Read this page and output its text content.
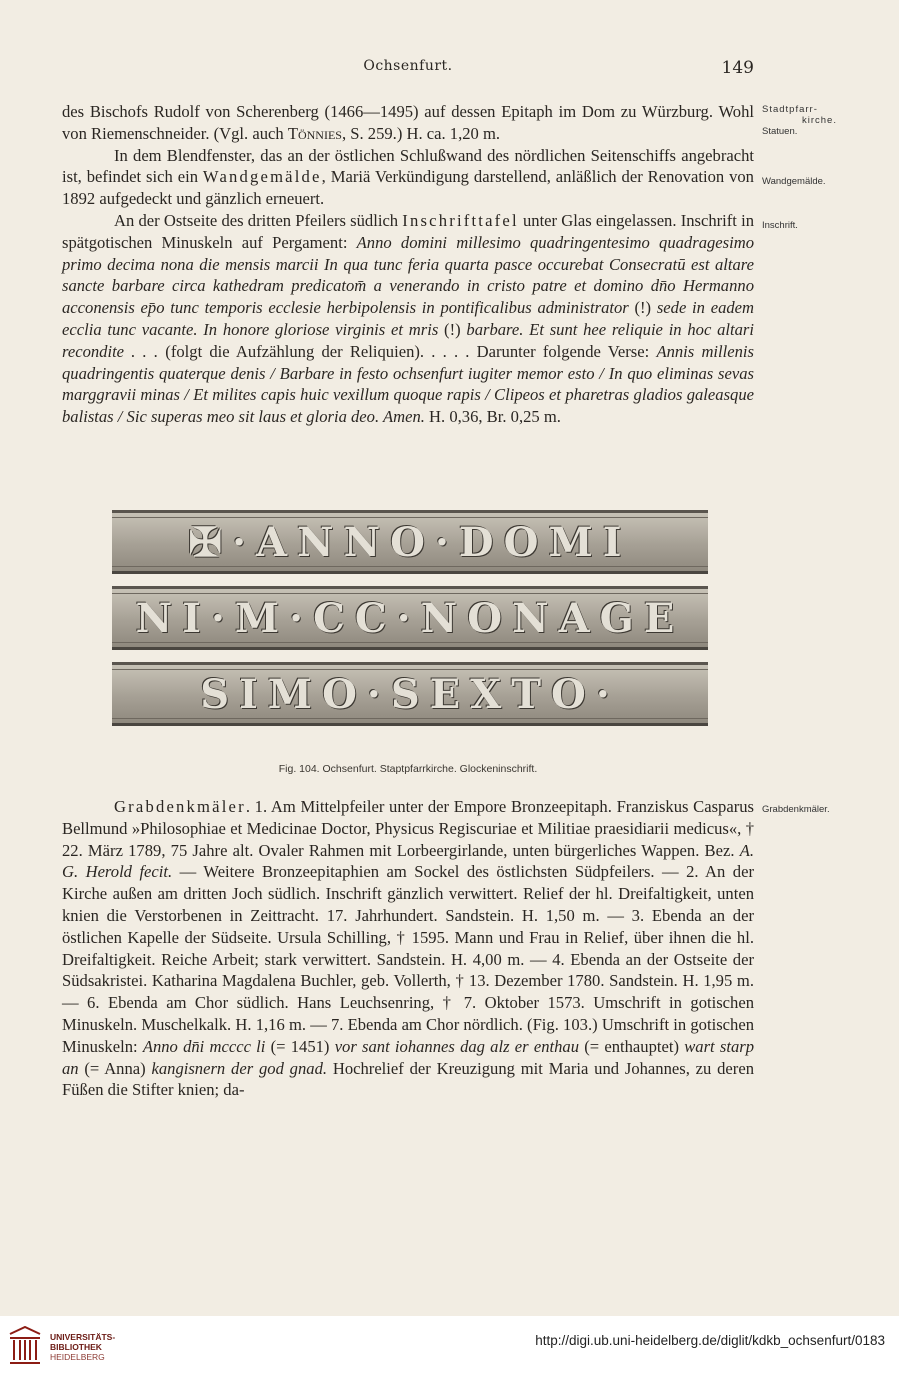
Ochsenfurt.	149
Stadtpfarr-
kirche.
Statuen.
Wandgemälde.
Inschrift.
Grabdenkmäler.

des Bischofs Rudolf von Scherenberg (1466—1495) auf dessen Epitaph im Dom zu Würzburg. Wohl von Riemenschneider. (Vgl. auch Tönnies, S. 259.) H. ca. 1,20 m.

In dem Blendfenster, das an der östlichen Schlußwand des nördlichen Seitenschiffs angebracht ist, befindet sich ein Wandgemälde, Mariä Verkündigung darstellend, anläßlich der Renovation von 1892 aufgedeckt und gänzlich erneuert.

An der Ostseite des dritten Pfeilers südlich Inschrifttafel unter Glas eingelassen. Inschrift in spätgotischen Minuskeln auf Pergament: Anno domini millesimo quadringentesimo quadragesimo primo decima nona die mensis marcii In qua tunc feria quarta pasce occurebat Consecratū est altare sancte barbare circa kathedram predicatom̄ a venerando in cristo patre et domino dn̄o Hermanno acconensis ep̄o tunc temporis ecclesie herbipolensis in pontificalibus administrator (!) sede in eadem ecclia tunc vacante. In honore gloriose virginis et mris (!) barbare. Et sunt hee reliquie in hoc altari recondite . . . (folgt die Aufzählung der Reliquien). . . . . Darunter folgende Verse: Annis millenis quadringentis quaterque denis / Barbare in festo ochsenfurt iugiter memor esto / In quo eliminas sevas marggravii minas / Et milites capis huic vexillum quoque rapis / Clipeos et pharetras gladios galeasque balistas / Sic superas meo sit laus et gloria deo. Amen. H. 0,36, Br. 0,25 m.

✠·ANNO·DOMI
NI·M·CC·NONAGE
SIMO·SEXTO·
Fig. 104. Ochsenfurt. Staptpfarrkirche. Glockeninschrift.

Grabdenkmäler. 1. Am Mittelpfeiler unter der Empore Bronzeepitaph. Franziskus Casparus Bellmund »Philosophiae et Medicinae Doctor, Physicus Regiscuriae et Militiae praesidiarii medicus«, † 22. März 1789, 75 Jahre alt. Ovaler Rahmen mit Lorbeergirlande, unten bürgerliches Wappen. Bez. A. G. Herold fecit. — Weitere Bronzeepitaphien am Sockel des östlichsten Südpfeilers. — 2. An der Kirche außen am dritten Joch südlich. Inschrift gänzlich verwittert. Relief der hl. Dreifaltigkeit, unten knien die Verstorbenen in Zeittracht. 17. Jahrhundert. Sandstein. H. 1,50 m. — 3. Ebenda an der östlichen Kapelle der Südseite. Ursula Schilling, † 1595. Mann und Frau in Relief, über ihnen die hl. Dreifaltigkeit. Reiche Arbeit; stark verwittert. Sandstein. H. 4,00 m. — 4. Ebenda an der Ostseite der Südsakristei. Katharina Magdalena Buchler, geb. Vollerth, † 13. Dezember 1780. Sandstein. H. 1,95 m. — 6. Ebenda am Chor südlich. Hans Leuchsenring, † 7. Oktober 1573. Umschrift in gotischen Minuskeln. Muschelkalk. H. 1,16 m. — 7. Ebenda am Chor nördlich. (Fig. 103.) Umschrift in gotischen Minuskeln: Anno dn̄i mcccc li (= 1451) vor sant iohannes dag alz er enthau (= enthauptet) wart starp an (= Anna) kangisnern der god gnad. Hochrelief der Kreuzigung mit Maria und Johannes, zu deren Füßen die Stifter knien; da-

UNIVERSITÄTS-
BIBLIOTHEK
HEIDELBERG
http://digi.ub.uni-heidelberg.de/diglit/kdkb_ochsenfurt/0183
